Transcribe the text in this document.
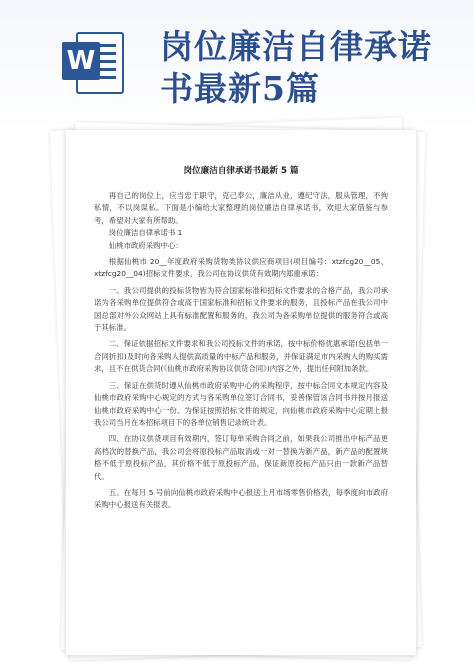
W 岗位廉洁自律承诺
书最新5篇
岗位廉洁自律承诺书最新 5 篇

再自己的岗位上，应当忠于职守，克己奉公，廉洁从业，遵纪守法，服从管理，不徇私情，不以岗谋私。下面是小编给大家整理的岗位廉洁自律承诺书，欢迎大家借鉴与参考，希望对大家有所帮助。

岗位廉洁自律承诺书 1

仙桃市政府采购中心：

根据仙桃市 20__年度政府采购货物类协议供应商项目(项目编号：xtzfcg20__05、xtzfcg20__04)招标文件要求，我公司在协议供货有效期内郑重承诺：

一、我公司提供的投标货物皆为符合国家标准和招标文件要求的合格产品，我公司承诺为各采购单位提供符合或高于国家标准和招标文件要求的服务，且投标产品在我公司中国总部对外公众网站上具有标准配置和服务的，我公司为各采购单位提供的服务符合或高于其标准。

二、保证依据招标文件要求和我公司投标文件的承诺，按中标价格优惠承诺(包括单一合同折扣)及时向各采购人提供高质量的中标产品和服务，并保证满足市内采购人的购买需求，且不在供货合同(《仙桃市政府采购协议供货合同》)内容之外，提出任何附加条款。

三、保证在供货时遵从仙桃市政府采购中心的采购程序，按中标合同文本规定内容及仙桃市政府采购中心规定的方式与各采购单位签订合同书，妥善保管该合同书并按月报送仙桃市政府采购中心一份。为保证按照招标文件的规定，向仙桃市政府采购中心定期上报我公司当月在本招标项目下的各单位销售记录统计表。

四、在协议供货项目有效期内，签订每单采购合同之前，如果我公司推出中标产品更高档次的替换产品，我公司会将原投标产品取消或一对一替换为新产品，新产品的配置规格不低于原投标产品，其价格不低于原投标产品，保证新原投标产品只由一款新产品替代。

五、在每月 5 号前向仙桃市政府采购中心报送上月市场零售价格表，每季度向市政府采购中心报送有关报表。
